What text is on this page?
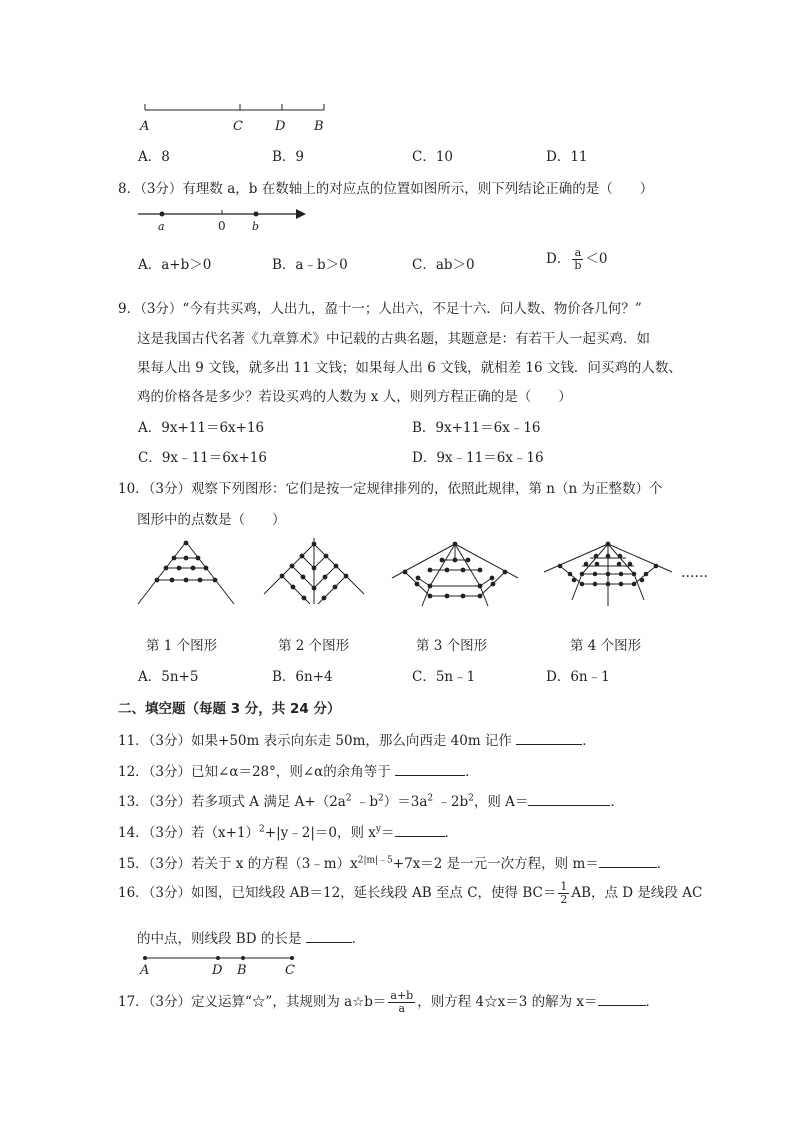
A	C D B
A．8	B．9	C．10	D．11
8．（3分）有理数 a，b 在数轴上的对应点的位置如图所示，则下列结论正确的是（　　）
a	0 b
A．a+b＞0	B．a﹣b＞0	C．ab＞0	D． $\frac{a}{b} <0$
9．（3分）“今有共买鸡，人出九，盈十一；人出六，不足十六．问人数、物价各几何？”
这是我国古代名著《九章算术》中记载的古典名题，其题意是：有若干人一起买鸡．如
果每人出 9 文钱，就多出 11 文钱；如果每人出 6 文钱，就相差 16 文钱．问买鸡的人数、
鸡的价格各是多少？若设买鸡的人数为 x 人，则列方程正确的是（　　）
A．9x+11＝6x+16	B．9x+11＝6x﹣16
C．9x﹣11＝6x+16	D．9x﹣11＝6x﹣16
10．（3分）观察下列图形：它们是按一定规律排列的，依照此规律，第 n（n 为正整数）个
图形中的点数是（　　）
……
第 1 个图形	第 2 个图形	第 3 个图形	第 4 个图形
A．5n+5	B．6n+4	C．5n﹣1	D．6n﹣1
二、填空题（每题 3 分，共 24 分）
11．（3分）如果+50m 表示向东走 50m，那么向西走 40m 记作	．
12．（3分）已知∠α＝28°，则∠α的余角等于	．
13．（3分）若多项式 A 满足 $A+(2a^2$ $﹣b^2)=3a^2$ $﹣2b^2$，则 A＝	．
14．（3分）若$(x+1)^2+|y﹣2|=0$，则 $x^y=$	．
15．（3分）若关于 x 的方程$(3﹣m)x^{2|m|﹣5}+7x=2$ 是一元一次方程，则 m＝	．
16．（3分）如图，已知线段 AB＝12，延长线段 AB 至点 C，使得 $BC= \frac{1}{2}$ AB，点 D 是线段 AC
的中点，则线段 BD 的长是	．
A	D B	C
17．（3分）定义运算“☆”，其规则为 a☆b＝ $\frac{a+b}{a}$ ，则方程 4☆x＝3 的解为 x＝	．
